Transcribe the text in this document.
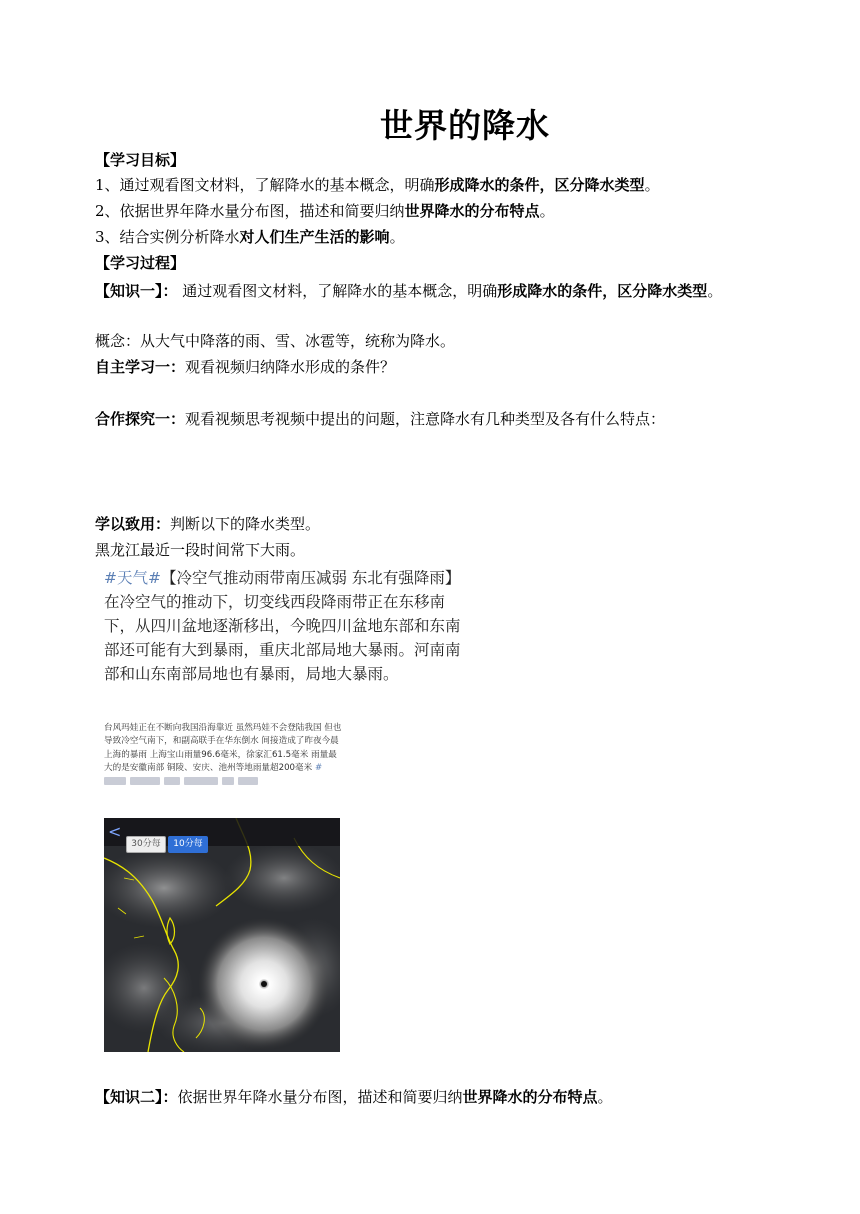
世界的降水
【学习目标】
1、通过观看图文材料，了解降水的基本概念，明确形成降水的条件，区分降水类型。
2、依据世界年降水量分布图，描述和简要归纳世界降水的分布特点。
3、结合实例分析降水对人们生产生活的影响。
【学习过程】
【知识一】： 通过观看图文材料，了解降水的基本概念，明确形成降水的条件，区分降水类型。
概念：从大气中降落的雨、雪、冰雹等，统称为降水。
自主学习一：观看视频归纳降水形成的条件？
合作探究一：观看视频思考视频中提出的问题，注意降水有几种类型及各有什么特点：
学以致用：判断以下的降水类型。
黑龙江最近一段时间常下大雨。
#天气#【冷空气推动雨带南压减弱 东北有强降雨】在冷空气的推动下，切变线西段降雨带正在东移南下，从四川盆地逐渐移出，今晚四川盆地东部和东南部还可能有大到暴雨，重庆北部局地大暴雨。河南南部和山东南部局地也有暴雨，局地大暴雨。
台风玛娃正在不断向我国沿海靠近 虽然玛娃不会登陆我国 但也导致冷空气南下，和副高联手在华东倒水 间接造成了昨夜今晨上海的暴雨 上海宝山雨量96.6毫米，徐家汇61.5毫米 雨量最大的是安徽南部 铜陵、安庆、池州等地雨量超200毫米 #

<
30分每	10分每
【知识二】：依据世界年降水量分布图，描述和简要归纳世界降水的分布特点。
